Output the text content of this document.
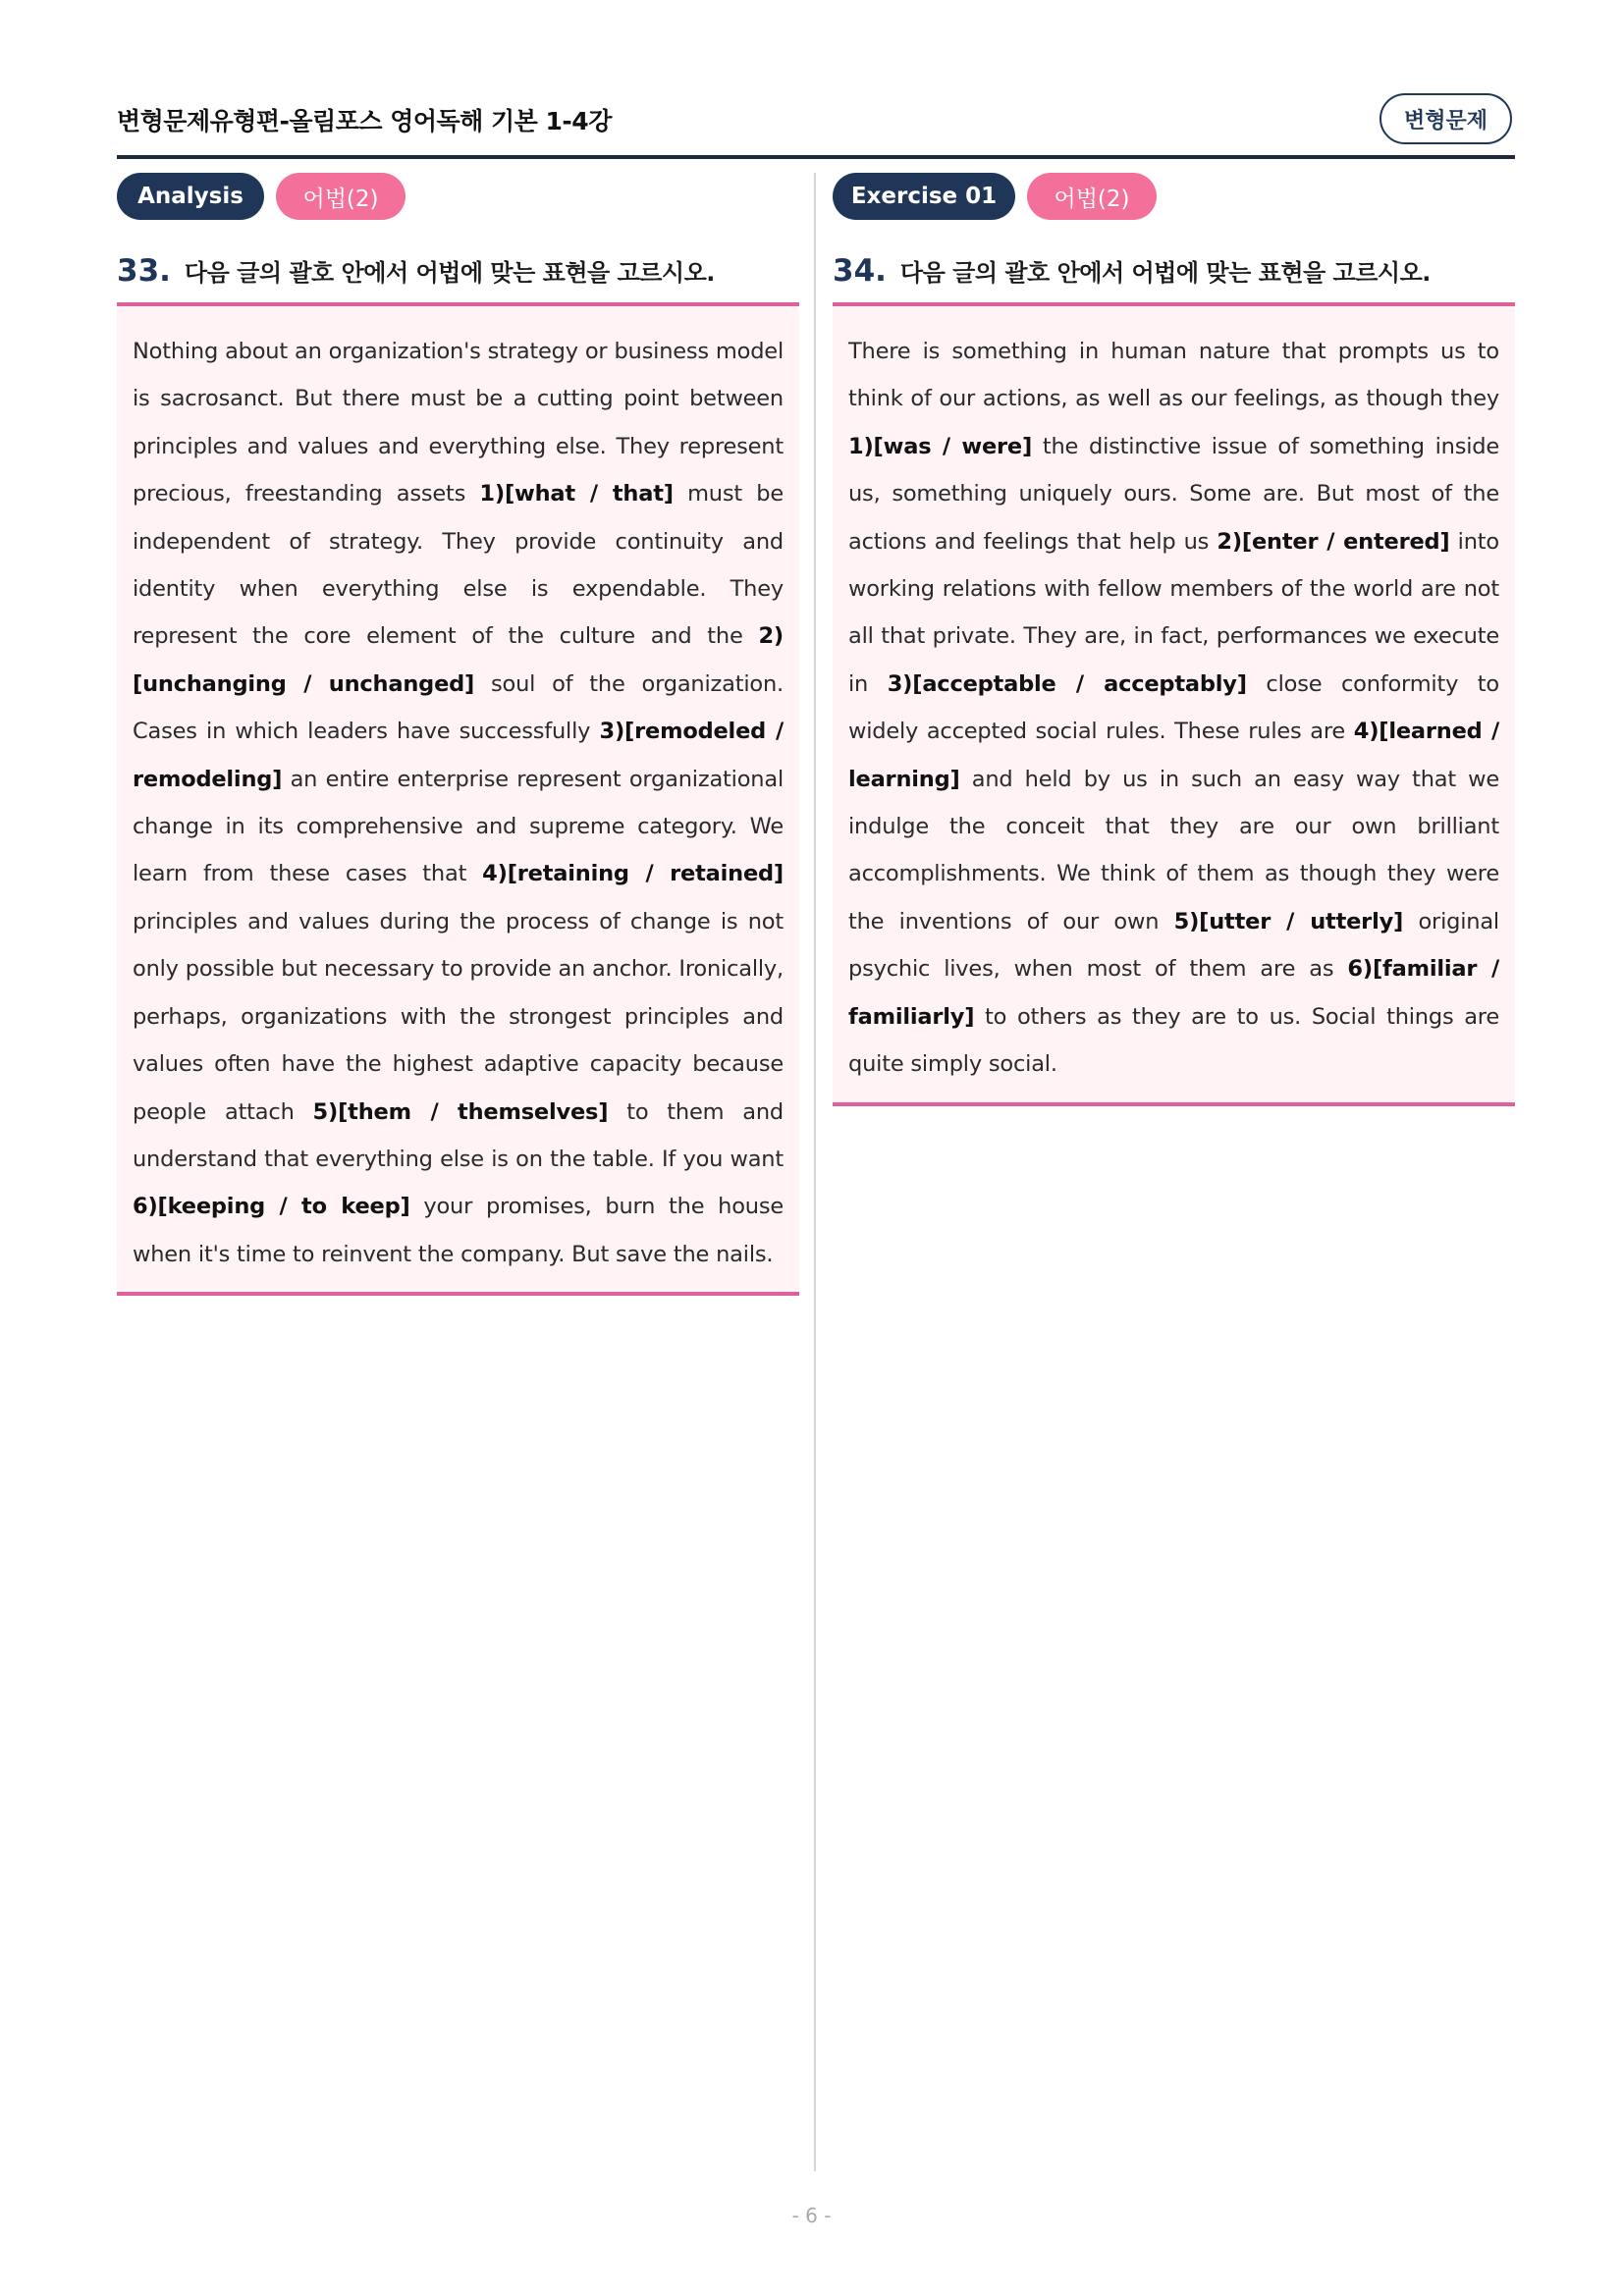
변형문제유형편-올림포스 영어독해 기본 1-4강	변형문제
Analysis	어법(2)
33. 다음 글의 괄호 안에서 어법에 맞는 표현을 고르시오.
Nothing about an organization's strategy or business model is sacrosanct. But there must be a cutting point between principles and values and everything else. They represent precious, freestanding assets 1)[what / that] must be independent of strategy. They provide continuity and identity when everything else is expendable. They represent the core element of the culture and the 2)[unchanging / unchanged] soul of the organization. Cases in which leaders have successfully 3)[remodeled / remodeling] an entire enterprise represent organizational change in its comprehensive and supreme category. We learn from these cases that 4)[retaining / retained] principles and values during the process of change is not only possible but necessary to provide an anchor. Ironically, perhaps, organizations with the strongest principles and values often have the highest adaptive capacity because people attach 5)[them / themselves] to them and understand that everything else is on the table. If you want 6)[keeping / to keep] your promises, burn the house when it's time to reinvent the company. But save the nails.
Exercise 01	어법(2)
34. 다음 글의 괄호 안에서 어법에 맞는 표현을 고르시오.
There is something in human nature that prompts us to think of our actions, as well as our feelings, as though they 1)[was / were] the distinctive issue of something inside us, something uniquely ours. Some are. But most of the actions and feelings that help us 2)[enter / entered] into working relations with fellow members of the world are not all that private. They are, in fact, performances we execute in 3)[acceptable / acceptably] close conformity to widely accepted social rules. These rules are 4)[learned / learning] and held by us in such an easy way that we indulge the conceit that they are our own brilliant accomplishments. We think of them as though they were the inventions of our own 5)[utter / utterly] original psychic lives, when most of them are as 6)[familiar / familiarly] to others as they are to us. Social things are quite simply social.
- 6 -
